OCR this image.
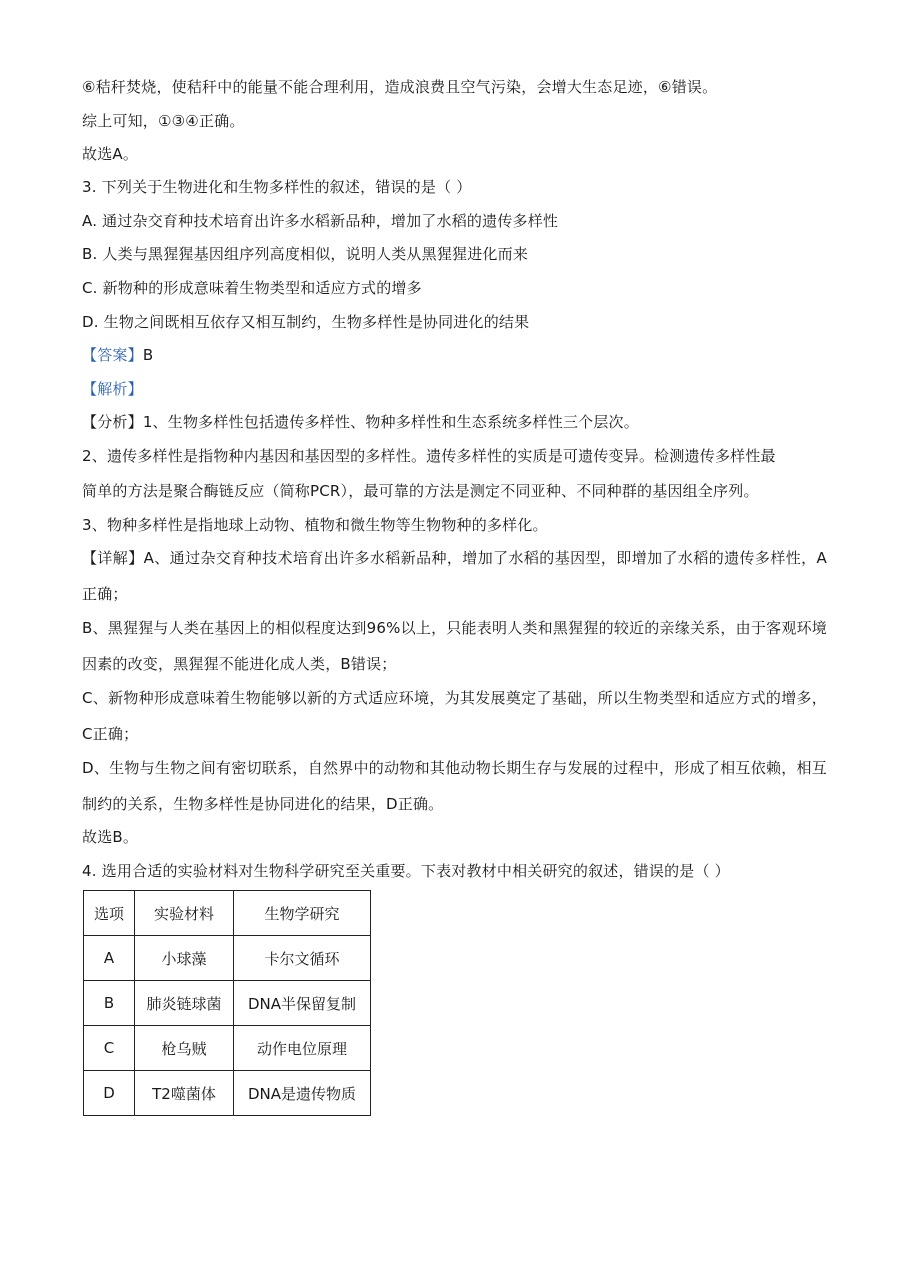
⑥秸秆焚烧，使秸秆中的能量不能合理利用，造成浪费且空气污染，会增大生态足迹，⑥错误。
综上可知，①③④正确。
故选A。
3. 下列关于生物进化和生物多样性的叙述，错误的是（ ）
A. 通过杂交育种技术培育出许多水稻新品种，增加了水稻的遗传多样性
B. 人类与黑猩猩基因组序列高度相似，说明人类从黑猩猩进化而来
C. 新物种的形成意味着生物类型和适应方式的增多
D. 生物之间既相互依存又相互制约，生物多样性是协同进化的结果
【答案】B
【解析】
【分析】1、生物多样性包括遗传多样性、物种多样性和生态系统多样性三个层次。
2、遗传多样性是指物种内基因和基因型的多样性。遗传多样性的实质是可遗传变异。检测遗传多样性最
简单的方法是聚合酶链反应（简称PCR），最可靠的方法是测定不同亚种、不同种群的基因组全序列。
3、物种多样性是指地球上动物、植物和微生物等生物物种的多样化。
【详解】A、通过杂交育种技术培育出许多水稻新品种，增加了水稻的基因型，即增加了水稻的遗传多样性，A正确；
B、黑猩猩与人类在基因上的相似程度达到96%以上，只能表明人类和黑猩猩的较近的亲缘关系，由于客观环境因素的改变，黑猩猩不能进化成人类，B错误；
C、新物种形成意味着生物能够以新的方式适应环境，为其发展奠定了基础，所以生物类型和适应方式的增多，C正确；
D、生物与生物之间有密切联系，自然界中的动物和其他动物长期生存与发展的过程中，形成了相互依赖，相互制约的关系，生物多样性是协同进化的结果，D正确。
故选B。
4. 选用合适的实验材料对生物科学研究至关重要。下表对教材中相关研究的叙述，错误的是（ ）
选项	实验材料	生物学研究
A	小球藻	卡尔文循环
B	肺炎链球菌	DNA半保留复制
C	枪乌贼	动作电位原理
D	T2噬菌体	DNA是遗传物质
